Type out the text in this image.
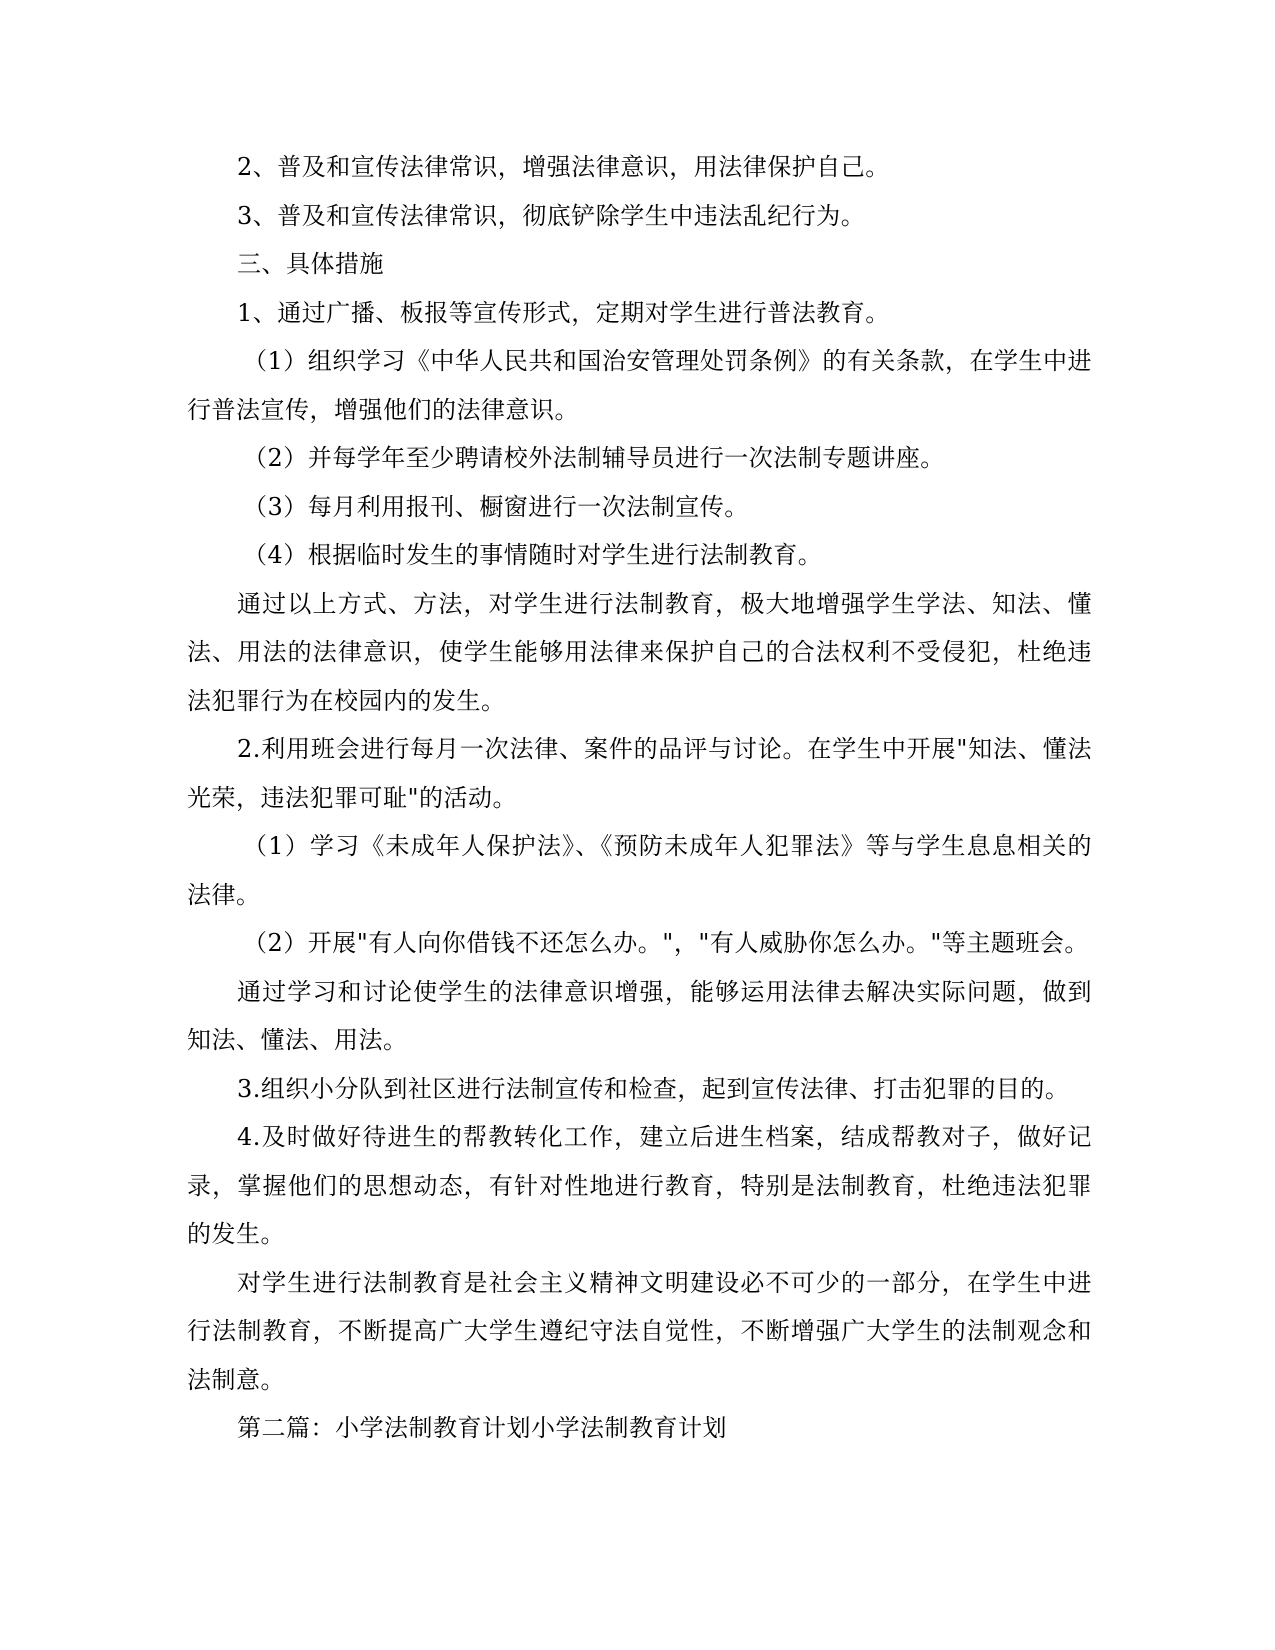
2、普及和宣传法律常识，增强法律意识，用法律保护自己。

3、普及和宣传法律常识，彻底铲除学生中违法乱纪行为。

三、具体措施

1、通过广播、板报等宣传形式，定期对学生进行普法教育。

（1）组织学习《中华人民共和国治安管理处罚条例》的有关条款，在学生中进行普法宣传，增强他们的法律意识。

（2）并每学年至少聘请校外法制辅导员进行一次法制专题讲座。

（3）每月利用报刊、橱窗进行一次法制宣传。

（4）根据临时发生的事情随时对学生进行法制教育。

通过以上方式、方法，对学生进行法制教育，极大地增强学生学法、知法、懂法、用法的法律意识，使学生能够用法律来保护自己的合法权利不受侵犯，杜绝违法犯罪行为在校园内的发生。

2.利用班会进行每月一次法律、案件的品评与讨论。在学生中开展"知法、懂法光荣，违法犯罪可耻"的活动。

（1）学习《未成年人保护法》、《预防未成年人犯罪法》等与学生息息相关的法律。

（2）开展"有人向你借钱不还怎么办。"，"有人威胁你怎么办。"等主题班会。

通过学习和讨论使学生的法律意识增强，能够运用法律去解决实际问题，做到知法、懂法、用法。

3.组织小分队到社区进行法制宣传和检查，起到宣传法律、打击犯罪的目的。

4.及时做好待进生的帮教转化工作，建立后进生档案，结成帮教对子，做好记录，掌握他们的思想动态，有针对性地进行教育，特别是法制教育，杜绝违法犯罪的发生。

对学生进行法制教育是社会主义精神文明建设必不可少的一部分，在学生中进行法制教育，不断提高广大学生遵纪守法自觉性，不断增强广大学生的法制观念和法制意。

第二篇：小学法制教育计划小学法制教育计划
